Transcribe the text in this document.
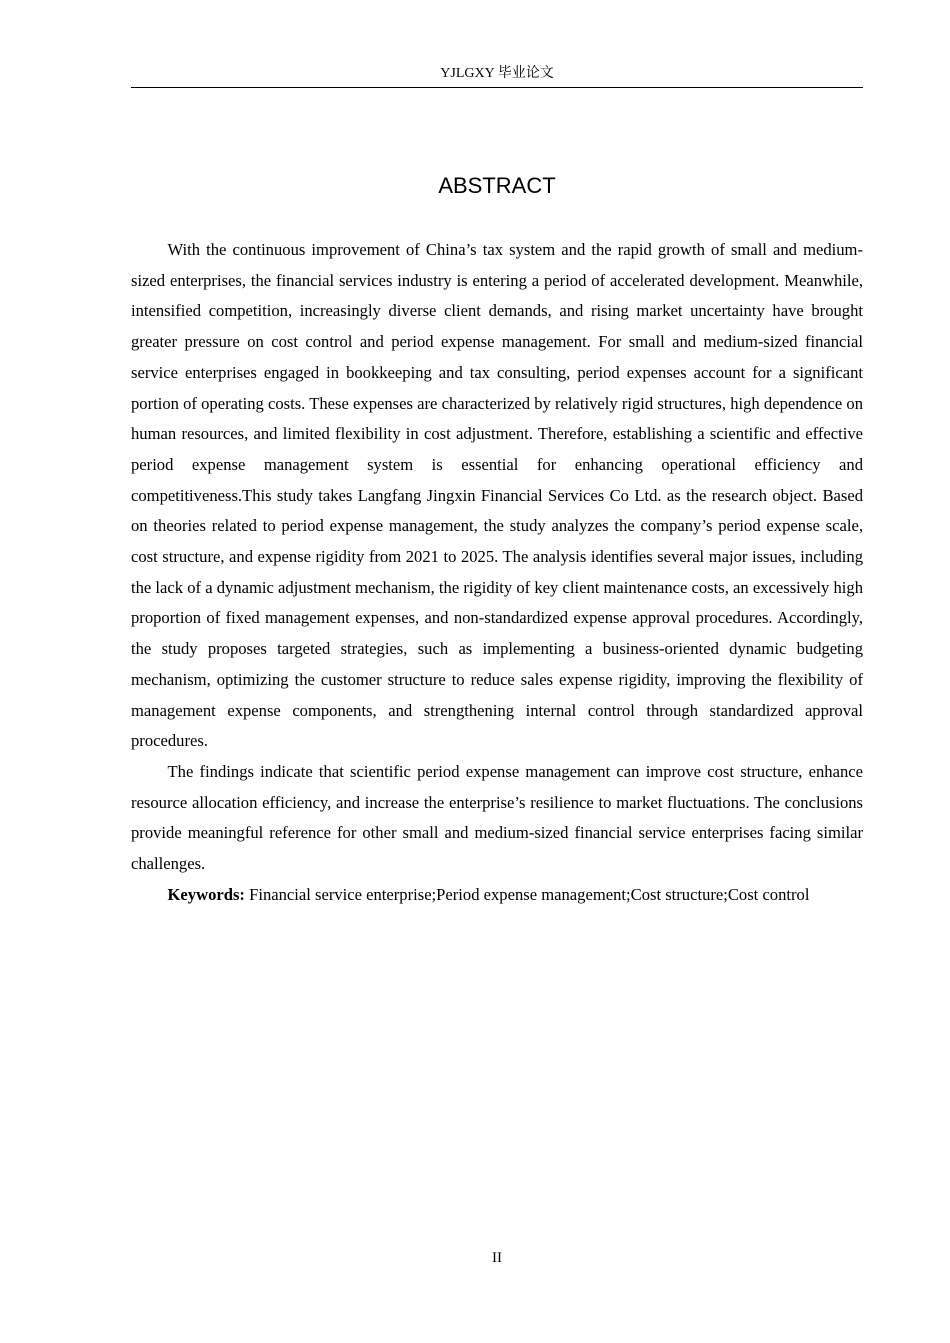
YJLGXY 毕业论文
ABSTRACT

With the continuous improvement of China’s tax system and the rapid growth of small and medium-sized enterprises, the financial services industry is entering a period of accelerated development. Meanwhile, intensified competition, increasingly diverse client demands, and rising market uncertainty have brought greater pressure on cost control and period expense management. For small and medium-sized financial service enterprises engaged in bookkeeping and tax consulting, period expenses account for a significant portion of operating costs. These expenses are characterized by relatively rigid structures, high dependence on human resources, and limited flexibility in cost adjustment. Therefore, establishing a scientific and effective period expense management system is essential for enhancing operational efficiency and competitiveness.This study takes Langfang Jingxin Financial Services Co Ltd. as the research object. Based on theories related to period expense management, the study analyzes the company’s period expense scale, cost structure, and expense rigidity from 2021 to 2025. The analysis identifies several major issues, including the lack of a dynamic adjustment mechanism, the rigidity of key client maintenance costs, an excessively high proportion of fixed management expenses, and non-standardized expense approval procedures. Accordingly, the study proposes targeted strategies, such as implementing a business-oriented dynamic budgeting mechanism, optimizing the customer structure to reduce sales expense rigidity, improving the flexibility of management expense components, and strengthening internal control through standardized approval procedures.

The findings indicate that scientific period expense management can improve cost structure, enhance resource allocation efficiency, and increase the enterprise’s resilience to market fluctuations. The conclusions provide meaningful reference for other small and medium-sized financial service enterprises facing similar challenges.

Keywords: Financial service enterprise;Period expense management;Cost structure;Cost control

II
